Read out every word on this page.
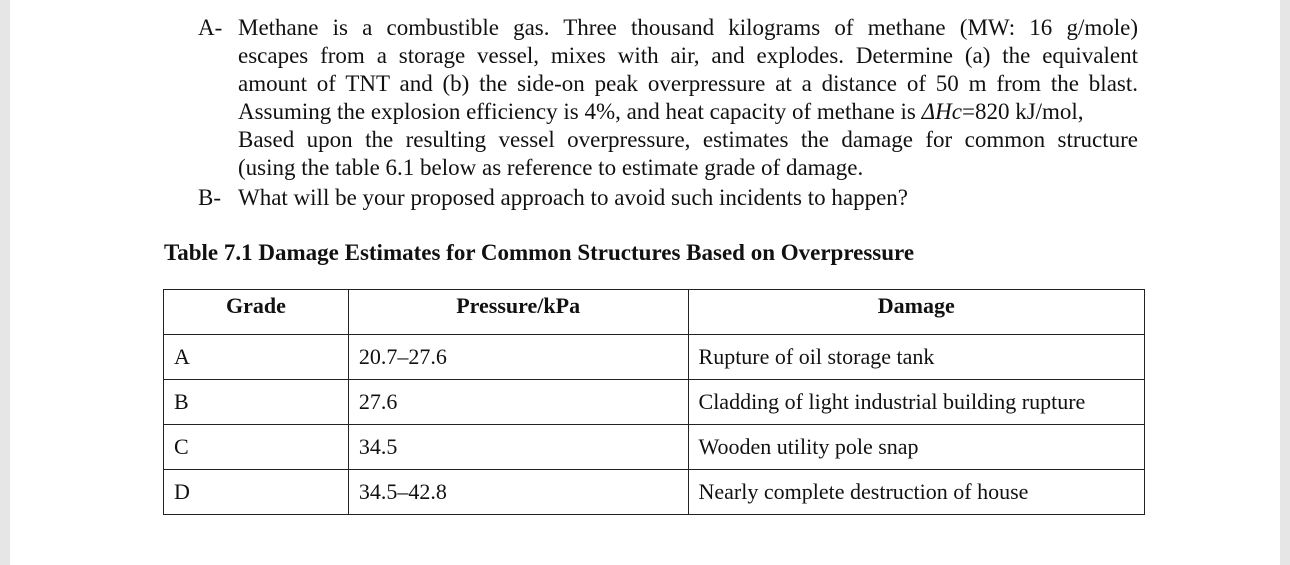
A- Methane is a combustible gas. Three thousand kilograms of methane (MW: 16 g/mole)
escapes from a storage vessel, mixes with air, and explodes. Determine (a) the equivalent
amount of TNT and (b) the side-on peak overpressure at a distance of 50 m from the blast.
Assuming the explosion efficiency is 4%, and heat capacity of methane is ΔHc=820 kJ/mol,
Based upon the resulting vessel overpressure, estimates the damage for common structure
(using the table 6.1 below as reference to estimate grade of damage.
B- What will be your proposed approach to avoid such incidents to happen?
Table 7.1 Damage Estimates for Common Structures Based on Overpressure
Grade	Pressure/kPa	Damage
A	20.7–27.6	Rupture of oil storage tank
B	27.6	Cladding of light industrial building rupture
C	34.5	Wooden utility pole snap
D	34.5–42.8	Nearly complete destruction of house
